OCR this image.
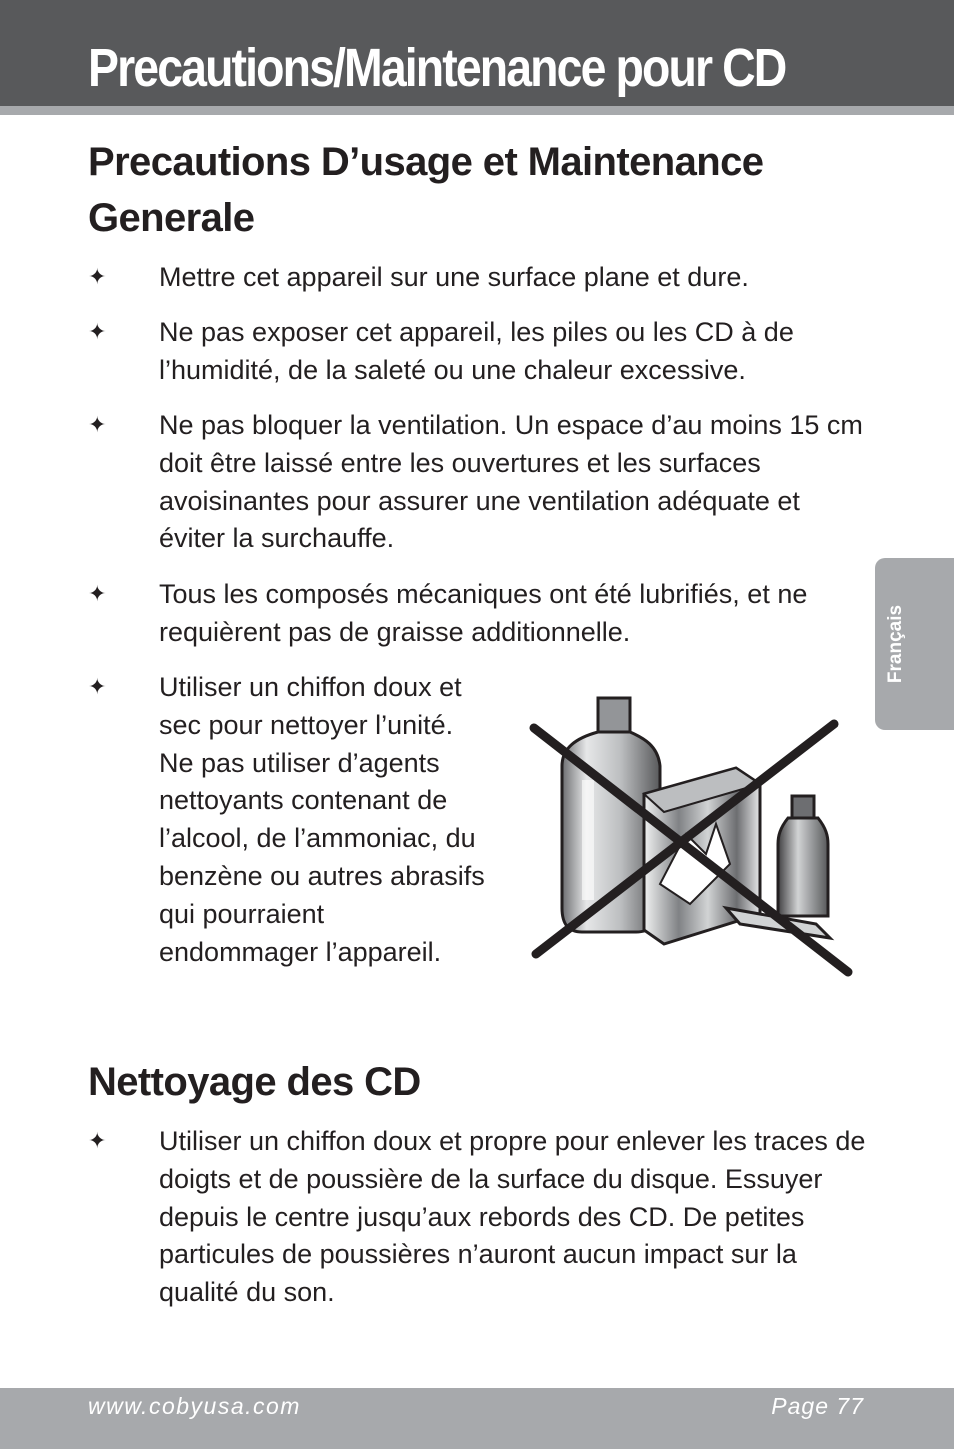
Precautions/Maintenance pour CD
Precautions D’usage et Maintenance Generale
✦	Mettre cet appareil sur une surface plane et dure.
✦	Ne pas exposer cet appareil, les piles ou les CD à de l’humidité, de la saleté ou une chaleur excessive.
✦	Ne pas bloquer la ventilation. Un espace d’au moins 15 cm doit être laissé entre les ouvertures et les surfaces avoisinantes pour assurer une ventilation adéquate et éviter la surchauffe.
✦	Tous les composés mécaniques ont été lubrifiés, et ne requièrent pas de graisse additionnelle.
✦	Utiliser un chiffon doux et sec pour nettoyer l’unité. Ne pas utiliser d’agents nettoyants contenant de l’alcool, de l’ammoniac, du benzène ou autres abrasifs qui pourraient endommager l’appareil.
Nettoyage des CD
✦	Utiliser un chiffon doux et propre pour enlever les traces de doigts et de poussière de la surface du disque. Essuyer depuis le centre jusqu’aux rebords des CD. De petites particules de poussières n’auront aucun impact sur la qualité du son.
Français
www.cobyusa.com	Page 77
